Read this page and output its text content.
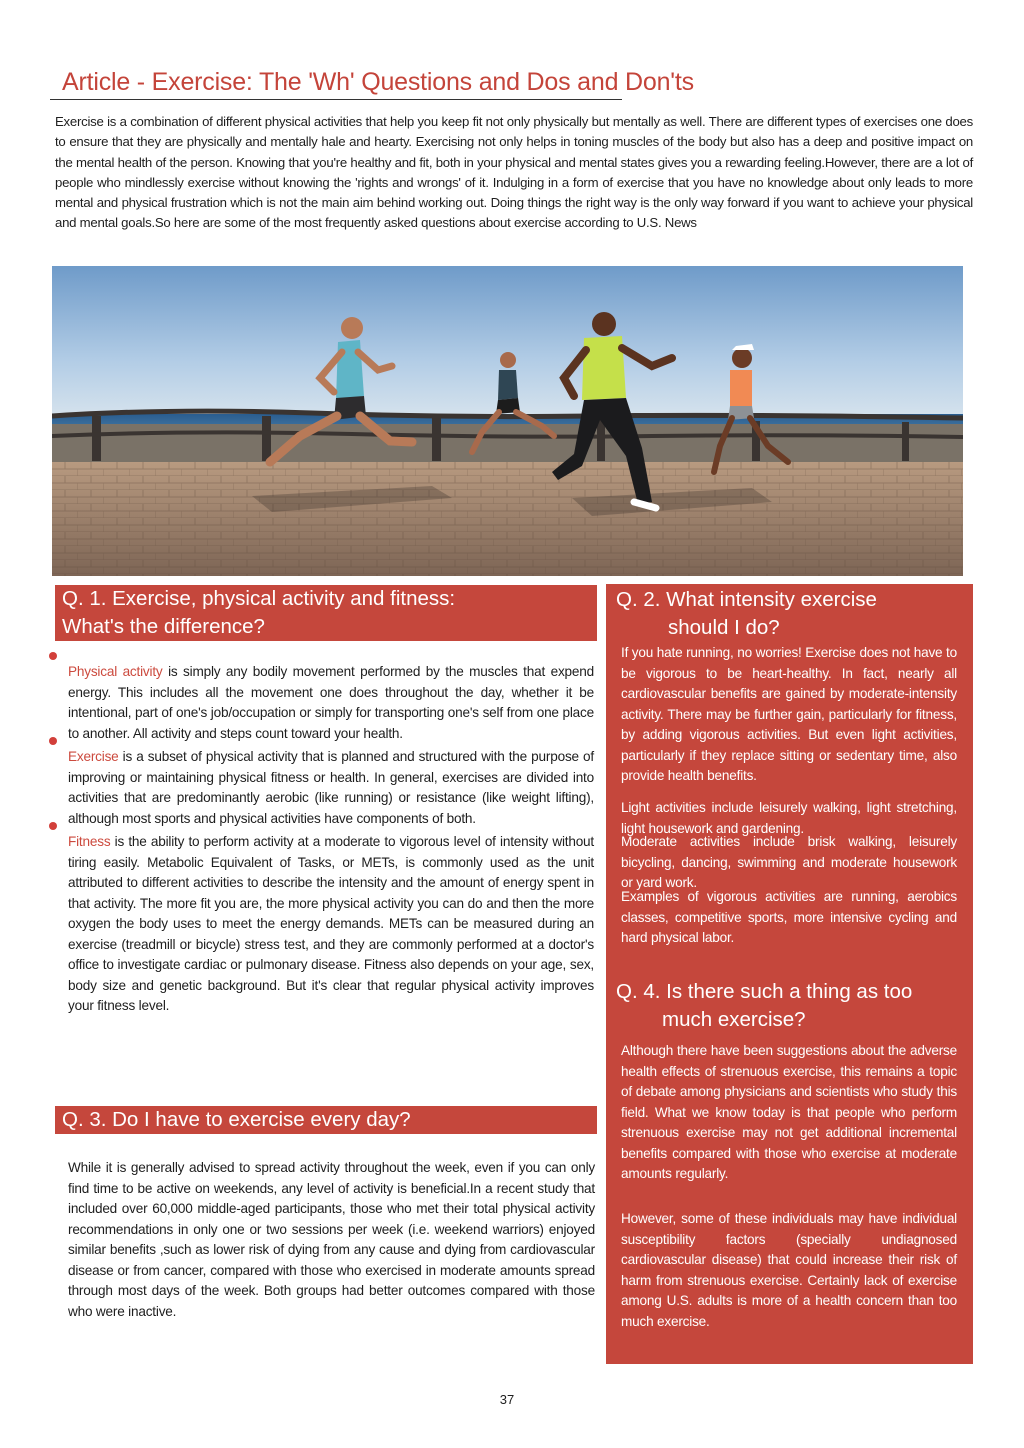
Article - Exercise: The 'Wh' Questions and Dos and Don'ts

Exercise is a combination of different physical activities that help you keep fit not only physically but mentally as well. There are different types of exercises one does to ensure that they are physically and mentally hale and hearty. Exercising not only helps in toning muscles of the body but also has a deep and positive impact on the mental health of the person. Knowing that you're healthy and fit, both in your physical and mental states gives you a rewarding feeling.However, there are a lot of people who mindlessly exercise without knowing the 'rights and wrongs' of it. Indulging in a form of exercise that you have no knowledge about only leads to more mental and physical frustration which is not the main aim behind working out. Doing things the right way is the only way forward if you want to achieve your physical and mental goals.So here are some of the most frequently asked questions about exercise according to U.S. News

Q. 1. Exercise, physical activity and fitness:
What's the difference?

Physical activity is simply any bodily movement performed by the muscles that expend energy. This includes all the movement one does throughout the day, whether it be intentional, part of one's job/occupation or simply for transporting one's self from one place to another. All activity and steps count toward your health.

Exercise is a subset of physical activity that is planned and structured with the purpose of improving or maintaining physical fitness or health. In general, exercises are divided into activities that are predominantly aerobic (like running) or resistance (like weight lifting), although most sports and physical activities have components of both.

Fitness is the ability to perform activity at a moderate to vigorous level of intensity without tiring easily. Metabolic Equivalent of Tasks, or METs, is commonly used as the unit attributed to different activities to describe the intensity and the amount of energy spent in that activity. The more fit you are, the more physical activity you can do and then the more oxygen the body uses to meet the energy demands. METs can be measured during an exercise (treadmill or bicycle) stress test, and they are commonly performed at a doctor's office to investigate cardiac or pulmonary disease. Fitness also depends on your age, sex, body size and genetic background. But it's clear that regular physical activity improves your fitness level.

Q. 3. Do I have to exercise every day?

While it is generally advised to spread activity throughout the week, even if you can only find time to be active on weekends, any level of activity is beneficial.In a recent study that included over 60,000 middle-aged participants, those who met their total physical activity recommendations in only one or two sessions per week (i.e. weekend warriors) enjoyed similar benefits ,such as lower risk of dying from any cause and dying from cardiovascular disease or from cancer, compared with those who exercised in moderate amounts spread through most days of the week. Both groups had better outcomes compared with those who were inactive.

Q. 2. What intensity exercise
should I do?

If you hate running, no worries! Exercise does not have to be vigorous to be heart-healthy. In fact, nearly all cardiovascular benefits are gained by moderate-intensity activity. There may be further gain, particularly for fitness, by adding vigorous activities. But even light activities, particularly if they replace sitting or sedentary time, also provide health benefits.

Light activities include leisurely walking, light stretching, light housework and gardening.

Moderate activities include brisk walking, leisurely bicycling, dancing, swimming and moderate housework or yard work.

Examples of vigorous activities are running, aerobics classes, competitive sports, more intensive cycling and hard physical labor.

Q. 4. Is there such a thing as too
much exercise?

Although there have been suggestions about the adverse health effects of strenuous exercise, this remains a topic of debate among physicians and scientists who study this field. What we know today is that people who perform strenuous exercise may not get additional incremental benefits compared with those who exercise at moderate amounts regularly.

However, some of these individuals may have individual susceptibility factors (specially undiagnosed cardiovascular disease) that could increase their risk of harm from strenuous exercise. Certainly lack of exercise among U.S. adults is more of a health concern than too much exercise.

37
